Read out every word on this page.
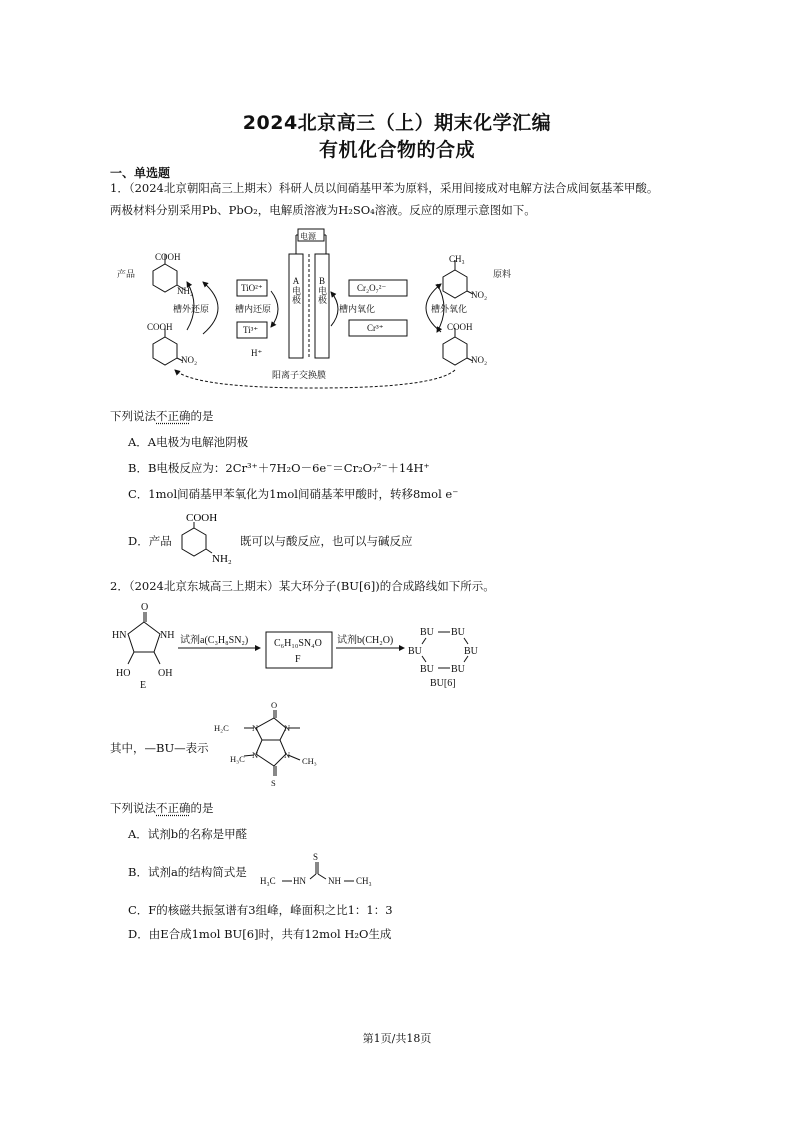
2024北京高三（上）期末化学汇编
有机化合物的合成
一、单选题
1．（2024北京朝阳高三上期末）科研人员以间硝基甲苯为原料，采用间接成对电解方法合成间氨基苯甲酸。
两极材料分别采用Pb、PbO₂，电解质溶液为H₂SO₄溶液。反应的原理示意图如下。
电源
产品	原料
COOH
NH₂
COOH
NO₂
CH₃
NO₂
COOH
NO₂
TiO²⁺
Ti³⁺
H⁺
Cr₂O₇²⁻
Cr³⁺
槽外还原	槽内还原	槽内氧化	槽外氧化
阳离子交换膜
A电极 B电极
下列说法不正确的是
A．A电极为电解池阴极
B．B电极反应为：2Cr³⁺＋7H₂O－6e⁻＝Cr₂O₇²⁻＋14H⁺
C．1mol间硝基甲苯氧化为1mol间硝基苯甲酸时，转移8mol e⁻
D．产品
COOH
NH₂
既可以与酸反应，也可以与碱反应
2．（2024北京东城高三上期末）某大环分子(BU[6])的合成路线如下所示。
O
HN	NH
HO	OH
E
试剂a(C₃H₈SN₂)	C₆H₁₀SN₄O
F
试剂b(CH₂O)
BU BU
BU	BU
BU BU
BU[6]
其中，—BU—表示
O
H₂C	N	N
H₃C N	N
CH₃
S
下列说法不正确的是
A．试剂b的名称是甲醛
B．试剂a的结构简式是
S
H₃C HN NH CH₃
C．F的核磁共振氢谱有3组峰，峰面积之比1：1：3
D．由E合成1mol BU[6]时，共有12mol H₂O生成
第1页/共18页
